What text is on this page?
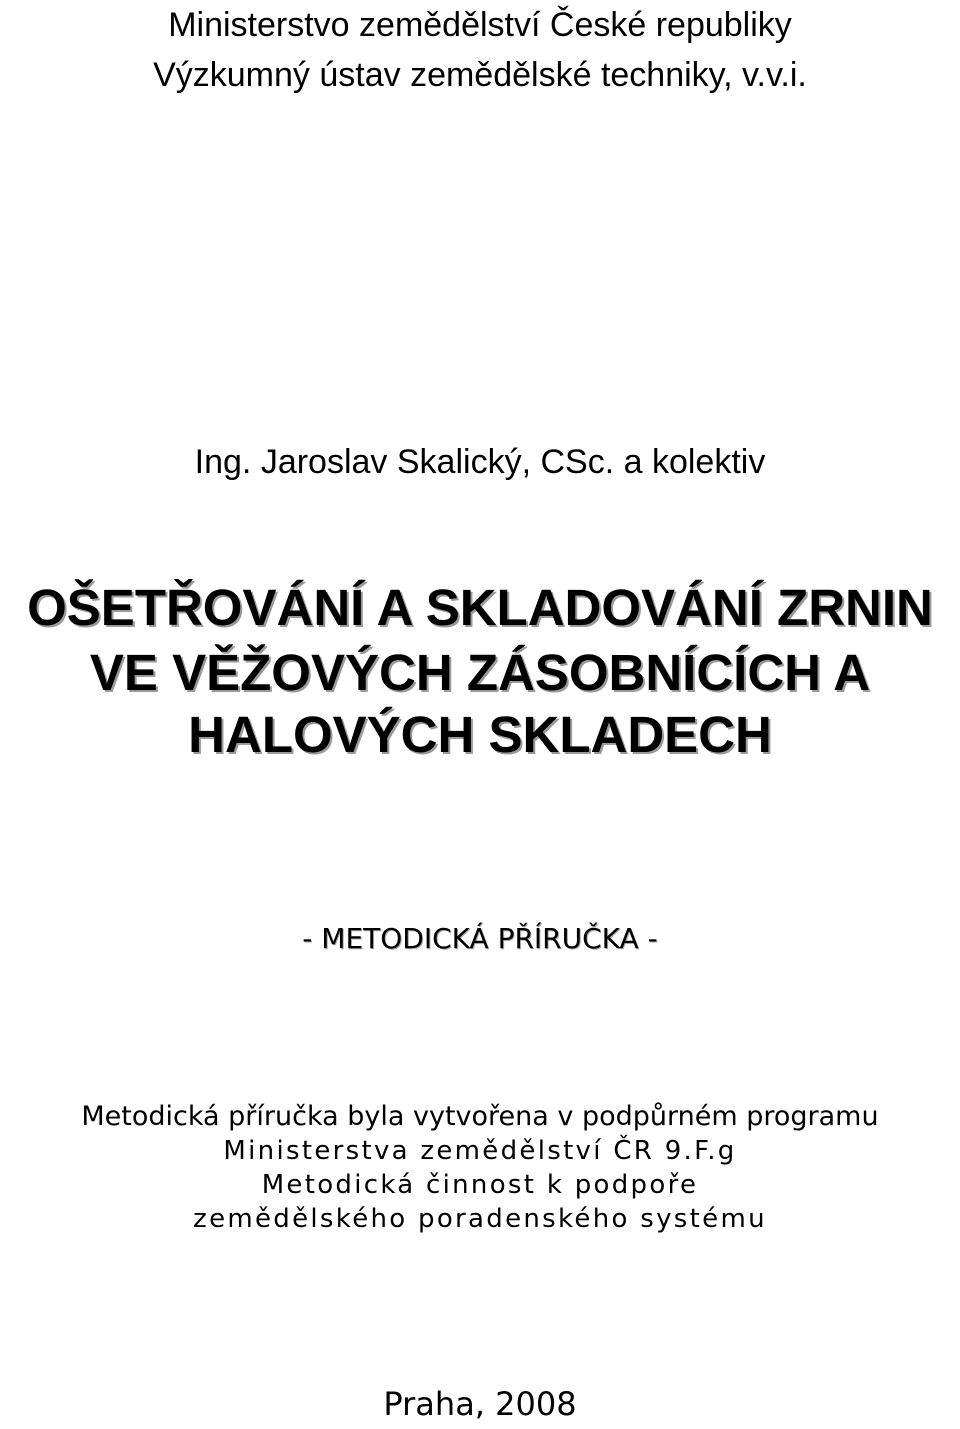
Ministerstvo zemědělství České republiky
Výzkumný ústav zemědělské techniky, v.v.i.
Ing. Jaroslav Skalický, CSc. a kolektiv
OŠETŘOVÁNÍ A SKLADOVÁNÍ ZRNIN
VE VĚŽOVÝCH ZÁSOBNÍCÍCH A
HALOVÝCH SKLADECH
- METODICKÁ PŘÍRUČKA -
Metodická příručka byla vytvořena v podpůrném programu
Ministerstva zemědělství ČR 9.F.g
Metodická činnost k podpoře
zemědělského poradenského systému
Praha, 2008
